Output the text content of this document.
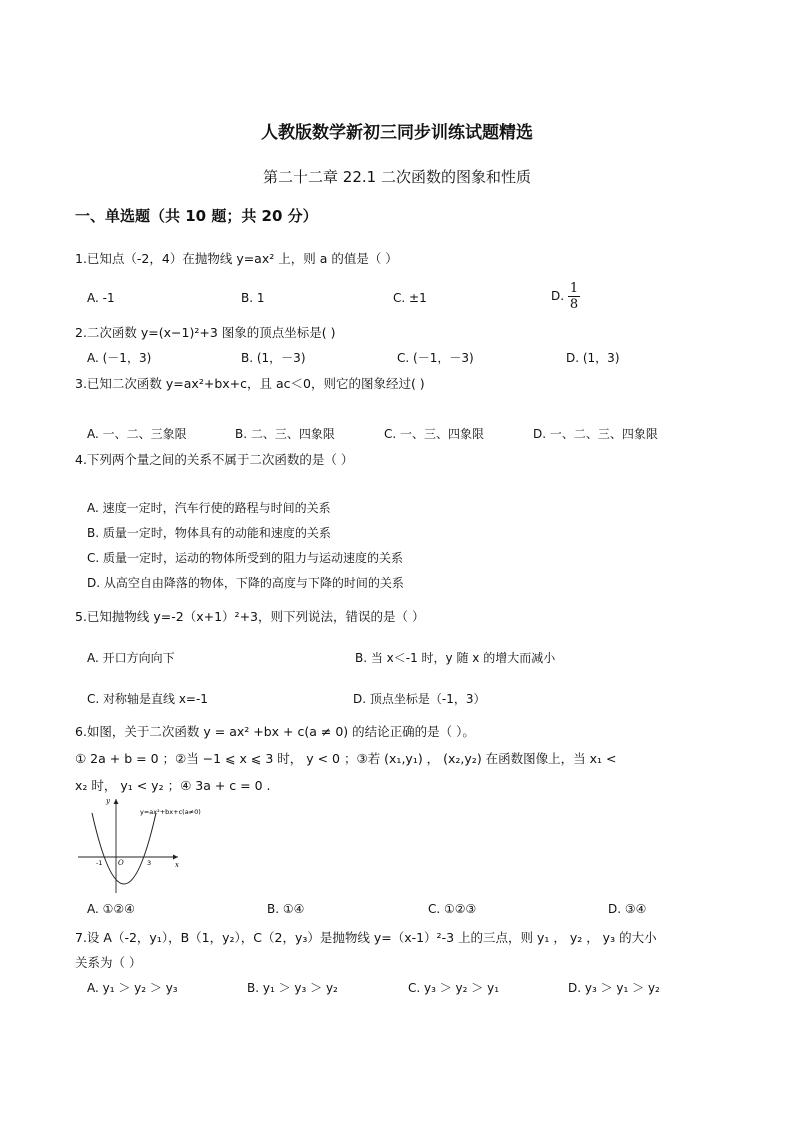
人教版数学新初三同步训练试题精选
第二十二章 22.1 二次函数的图象和性质
一、单选题（共 10 题；共 20 分）
1.已知点（-2，4）在抛物线 y=ax² 上，则 a 的值是（ ）
A. -1	B. 1	C. ±1	D. $\frac{1}{8}$
2.二次函数 y=(x−1)²+3 图象的顶点坐标是( )
A. (－1，3)	B. (1，－3)	C. (－1，－3)	D. (1，3)
3.已知二次函数 y=ax²+bx+c，且 ac＜0，则它的图象经过( )
A. 一、二、三象限	B. 二、三、四象限	C. 一、三、四象限	D. 一、二、三、四象限
4.下列两个量之间的关系不属于二次函数的是（ ）
A. 速度一定时，汽车行使的路程与时间的关系
B. 质量一定时，物体具有的动能和速度的关系
C. 质量一定时，运动的物体所受到的阻力与运动速度的关系
D. 从高空自由降落的物体，下降的高度与下降的时间的关系
5.已知抛物线 y=-2（x+1）²+3，则下列说法，错误的是（ ）
A. 开口方向向下	B. 当 x＜-1 时，y 随 x 的增大而减小
C. 对称轴是直线 x=-1	D. 顶点坐标是（-1，3）
6.如图，关于二次函数 y = ax² +bx + c(a ≠ 0) 的结论正确的是（ ）。
① 2a + b = 0 ；②当 −1 ⩽ x ⩽ 3 时， y < 0 ；③若 (x₁,y₁) ， (x₂,y₂) 在函数图像上，当 x₁ <
x₂ 时， y₁ < y₂ ；④ 3a + c = 0 .
y
x
O
-1	3
y=ax²+bx+c(a≠0)
A. ①②④	B. ①④	C. ①②③	D. ③④
7.设 A（-2，y₁），B（1，y₂），C（2，y₃）是抛物线 y=（x-1）²-3 上的三点，则 y₁ ， y₂ ， y₃ 的大小
关系为（ ）
A. y₁ ＞ y₂ ＞ y₃	B. y₁ ＞ y₃ ＞ y₂	C. y₃ ＞ y₂ ＞ y₁	D. y₃ ＞ y₁ ＞ y₂
